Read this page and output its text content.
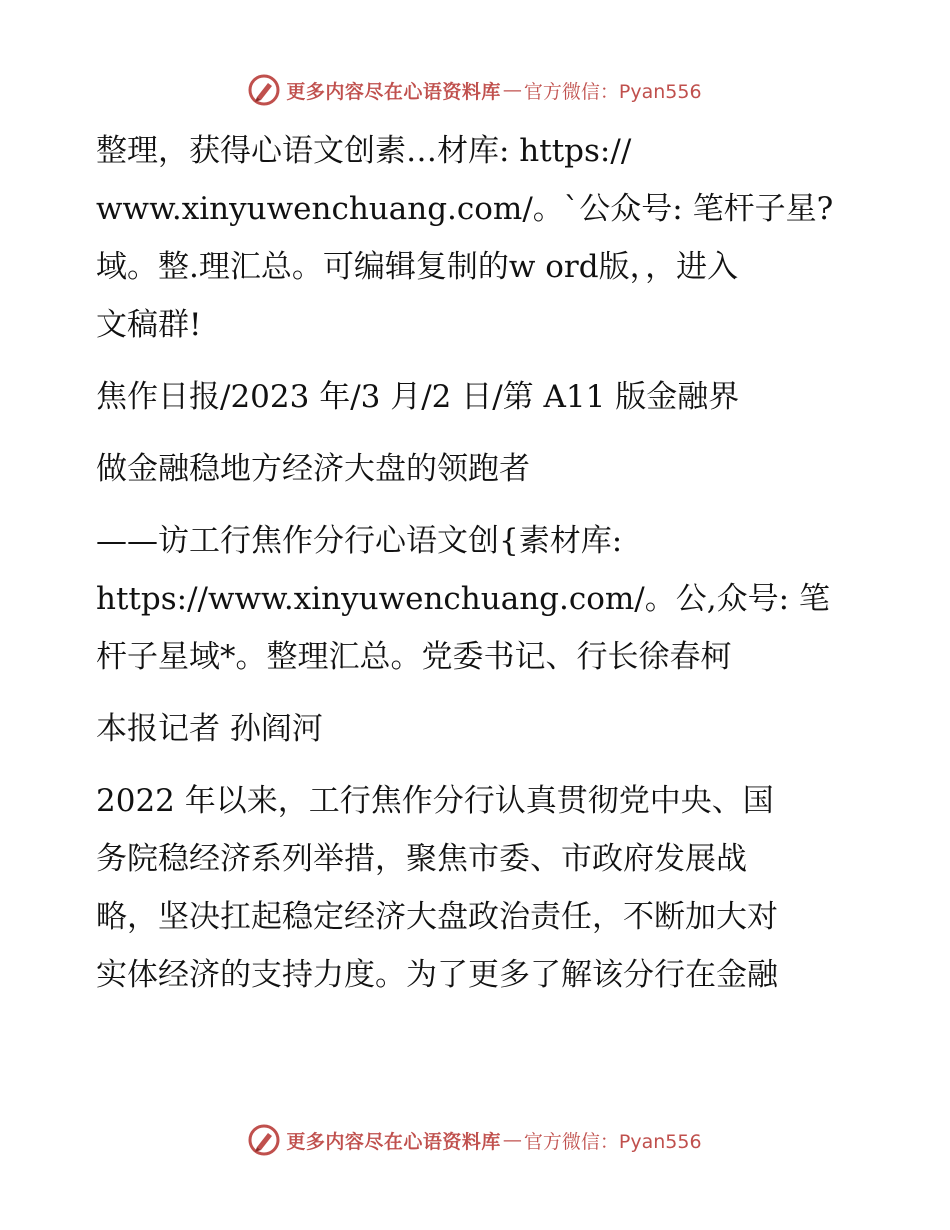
更多内容尽在心语资料库 — 官方微信：Pyan556
整理，获得心语文创素…材库: https://
www.xinyuwenchuang.com/。`公众号: 笔杆子星?
域。整.理汇总。可编辑复制的w ord版，，进入
文稿群!
焦作日报/2023 年/3 月/2 日/第 A11 版金融界
做金融稳地方经济大盘的领跑者
——访工行焦作分行心语文创{素材库:
https://www.xinyuwenchuang.com/。公,众号: 笔
杆子星域*。整理汇总。党委书记、行长徐春柯
本报记者 孙阎河
2022 年以来，工行焦作分行认真贯彻党中央、国
务院稳经济系列举措，聚焦市委、市政府发展战
略，坚决扛起稳定经济大盘政治责任，不断加大对
实体经济的支持力度。为了更多了解该分行在金融
更多内容尽在心语资料库 — 官方微信：Pyan556
